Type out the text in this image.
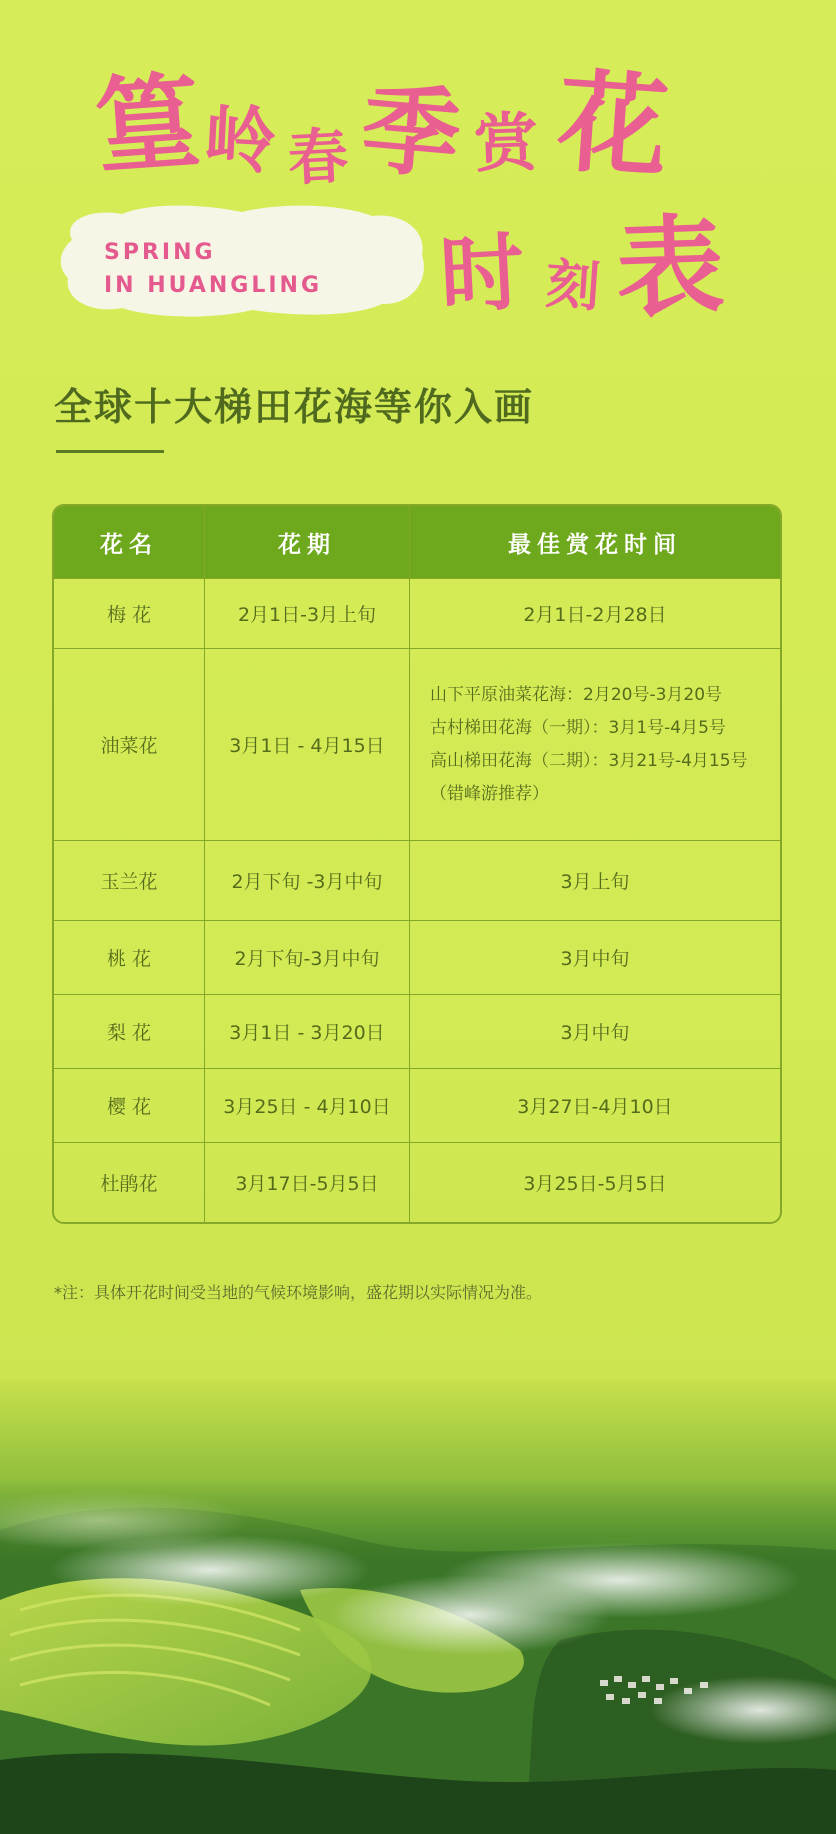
SPRING
IN HUANGLING
篁
岭 春 季 赏 花
时 刻 表
全球十大梯田花海等你入画
花名	花期	最佳赏花时间
梅 花	2月1日-3月上旬	2月1日-2月28日
油菜花	3月1日 - 4月15日	山下平原油菜花海：2月20号-3月20号
古村梯田花海（一期）：3月1号-4月5号
高山梯田花海（二期）：3月21号-4月15号
（错峰游推荐）

玉兰花	2月下旬 -3月中旬	3月上旬
桃 花	2月下旬-3月中旬	3月中旬
梨 花	3月1日 - 3月20日	3月中旬
樱 花	3月25日 - 4月10日	3月27日-4月10日
杜鹃花	3月17日-5月5日	3月25日-5月5日
*注：具体开花时间受当地的气候环境影响，盛花期以实际情况为准。
